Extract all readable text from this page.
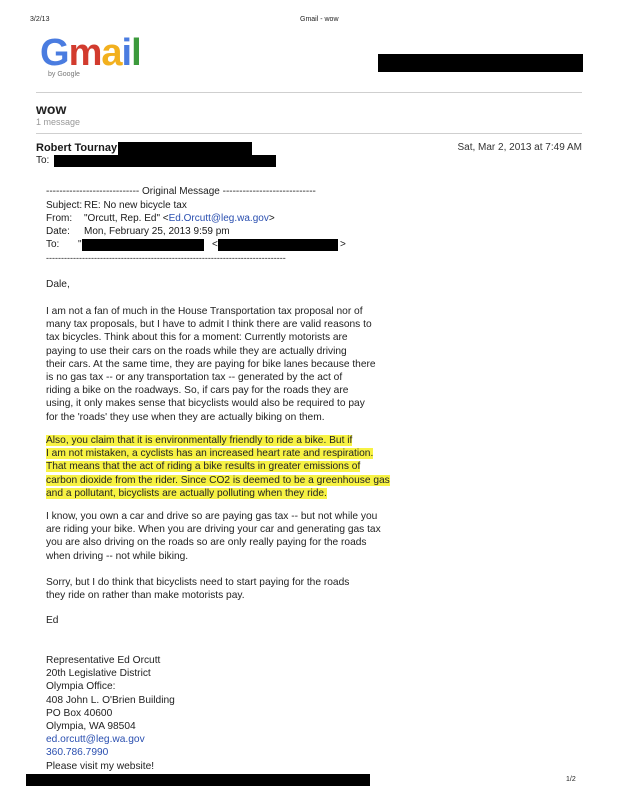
3/2/13	Gmail - wow
Gmail
by Google
wow
1 message
Robert Tournay
To:
Sat, Mar 2, 2013 at 7:49 AM
---------------------------- Original Message ----------------------------
Subject: RE: No new bicycle tax
From: "Orcutt, Rep. Ed" <Ed.Orcutt@leg.wa.gov>
Date: Mon, February 25, 2013 9:59 pm
To: "	<	>
--------------------------------------------------------------------------------
Dale,
I am not a fan of much in the House Transportation tax proposal nor of
many tax proposals, but I have to admit I think there are valid reasons to
tax bicycles. Think about this for a moment: Currently motorists are
paying to use their cars on the roads while they are actually driving
their cars. At the same time, they are paying for bike lanes because there
is no gas tax -- or any transportation tax -- generated by the act of
riding a bike on the roadways. So, if cars pay for the roads they are
using, it only makes sense that bicyclists would also be required to pay
for the 'roads' they use when they are actually biking on them.
Also, you claim that it is environmentally friendly to ride a bike. But if
I am not mistaken, a cyclists has an increased heart rate and respiration.
That means that the act of riding a bike results in greater emissions of
carbon dioxide from the rider. Since CO2 is deemed to be a greenhouse gas
and a pollutant, bicyclists are actually polluting when they ride.
I know, you own a car and drive so are paying gas tax -- but not while you
are riding your bike. When you are driving your car and generating gas tax
you are also driving on the roads so are only really paying for the roads
when driving -- not while biking.
Sorry, but I do think that bicyclists need to start paying for the roads
they ride on rather than make motorists pay.
Ed
Representative Ed Orcutt
20th Legislative District
Olympia Office:
408 John L. O'Brien Building
PO Box 40600
Olympia, WA 98504
ed.orcutt@leg.wa.gov
360.786.7990
Please visit my website!
1/2
